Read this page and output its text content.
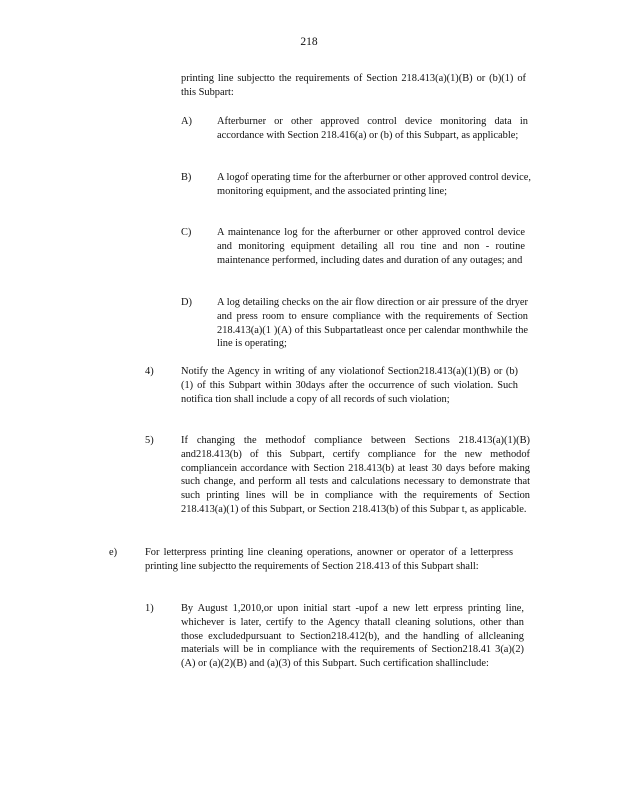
218

printing line subjectto the requirements of Section 218.413(a)(1)(B) or (b)(1) of this Subpart:

A) Afterburner or other approved control device monitoring data in accordance with Section 218.416(a) or (b) of this Subpart, as applicable;

B) A logof operating time for the afterburner or other approved control device, monitoring equipment, and the associated printing line;

C) A maintenance log for the afterburner or other approved control device and monitoring equipment detailing all rou tine and non - routine maintenance performed, including dates and duration of any outages; and

D) A log detailing checks on the air flow direction or air pressure of the dryer and press room to ensure compliance with the requirements of Section 218.413(a)(1 )(A) of this Subpartatleast once per calendar monthwhile the line is operating;

4)	Notify the Agency in writing of any violationof Section218.413(a)(1)(B) or (b)(1) of this Subpart within 30days after the occurrence of such violation. Such notifica tion shall include a copy of all records of such violation;

5)	If changing the methodof compliance between Sections 218.413(a)(1)(B) and218.413(b) of this Subpart, certify compliance for the new methodof compliancein accordance with Section 218.413(b) at least 30 days before making such change, and perform all tests and calculations necessary to demonstrate that such printing lines will be in compliance with the requirements of Section 218.413(a)(1) of this Subpart, or Section 218.413(b) of this Subpar t, as applicable.

e)	For letterpress printing line cleaning operations, anowner or operator of a letterpress printing line subjectto the requirements of Section 218.413 of this Subpart shall:

1)	By August 1,2010,or upon initial start -upof a new lett erpress printing line, whichever is later, certify to the Agency thatall cleaning solutions, other than those excludedpursuant to Section218.412(b), and the handling of allcleaning materials will be in compliance with the requirements of Section218.41 3(a)(2)(A) or (a)(2)(B) and (a)(3) of this Subpart. Such certification shallinclude:
